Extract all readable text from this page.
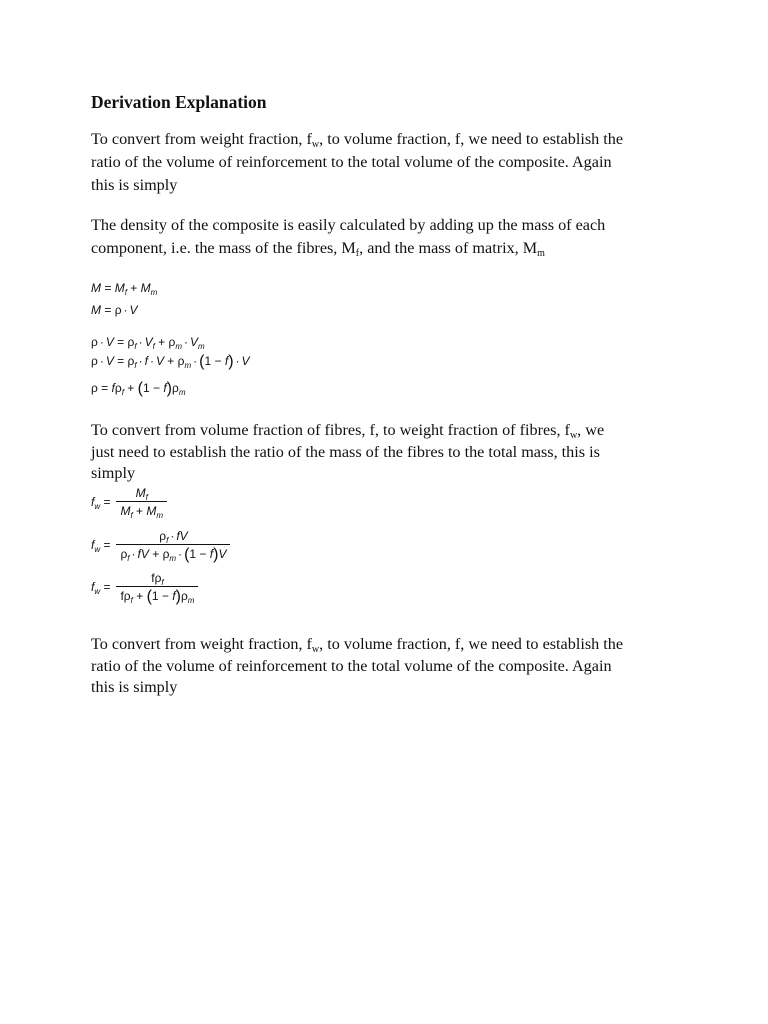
Derivation Explanation
To convert from weight fraction, $f_w$, to volume fraction, f, we need to establish the
ratio of the volume of reinforcement to the total volume of the composite. Again
this is simply
The density of the composite is easily calculated by adding up the mass of each
component, i.e. the mass of the fibres, $M_f$, and the mass of matrix, $M_m$
$M = M_f + M_m$
M = ρ · V
$\rho \cdot V = \rho_f \cdot V_f + \rho_m \cdot V_m$
$\rho \cdot V = \rho_f \cdot f \cdot V + \rho_m \cdot (1 - f) \cdot V$
$\rho = f\rho_f + (1 - f)\rho_m$
To convert from volume fraction of fibres, f, to weight fraction of fibres, $f_w$, we
just need to establish the ratio of the mass of the fibres to the total mass, this is
simply
$f_w = \frac{M_f}{M_f + M_m}$
$f_w = \frac{\rho_f \cdot fV}{\rho_f \cdot fV + \rho_m \cdot (1 - f)V}$
$f_w = \frac{f\rho_f}{f\rho_f + (1 - f)\rho_m}$
To convert from weight fraction, $f_w$, to volume fraction, f, we need to establish the
ratio of the volume of reinforcement to the total volume of the composite. Again
this is simply
